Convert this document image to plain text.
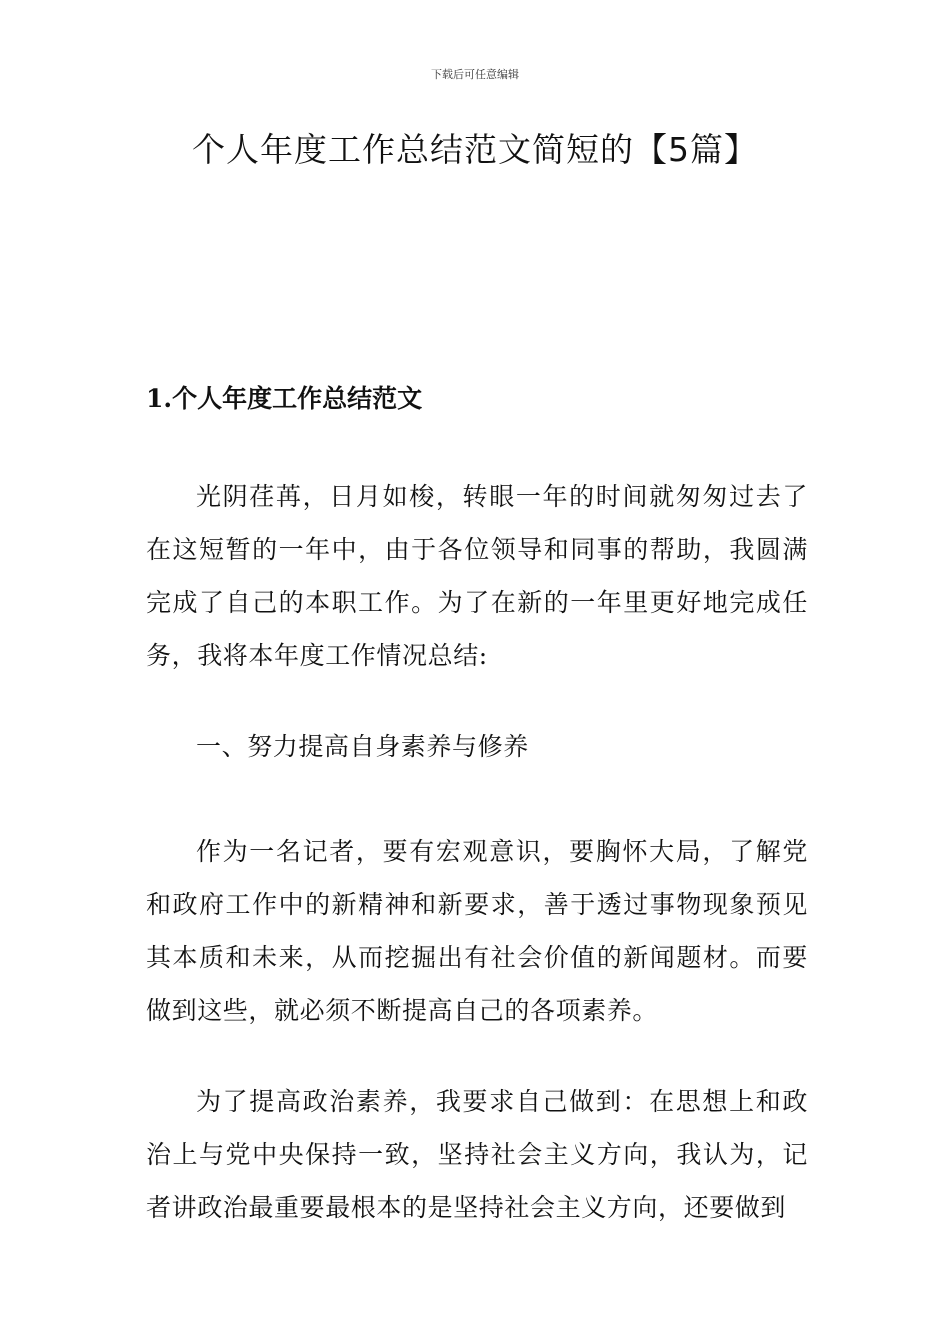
下载后可任意编辑
个人年度工作总结范文简短的【5篇】
1.个人年度工作总结范文

光阴荏苒，日月如梭，转眼一年的时间就匆匆过去了在这短暂的一年中，由于各位领导和同事的帮助，我圆满完成了自己的本职工作。为了在新的一年里更好地完成任务，我将本年度工作情况总结:

一、努力提高自身素养与修养

作为一名记者，要有宏观意识，要胸怀大局，了解党和政府工作中的新精神和新要求，善于透过事物现象预见其本质和未来，从而挖掘出有社会价值的新闻题材。而要做到这些，就必须不断提高自己的各项素养。

为了提高政治素养，我要求自己做到：在思想上和政治上与党中央保持一致，坚持社会主义方向，我认为，记者讲政治最重要最根本的是坚持社会主义方向，还要做到
